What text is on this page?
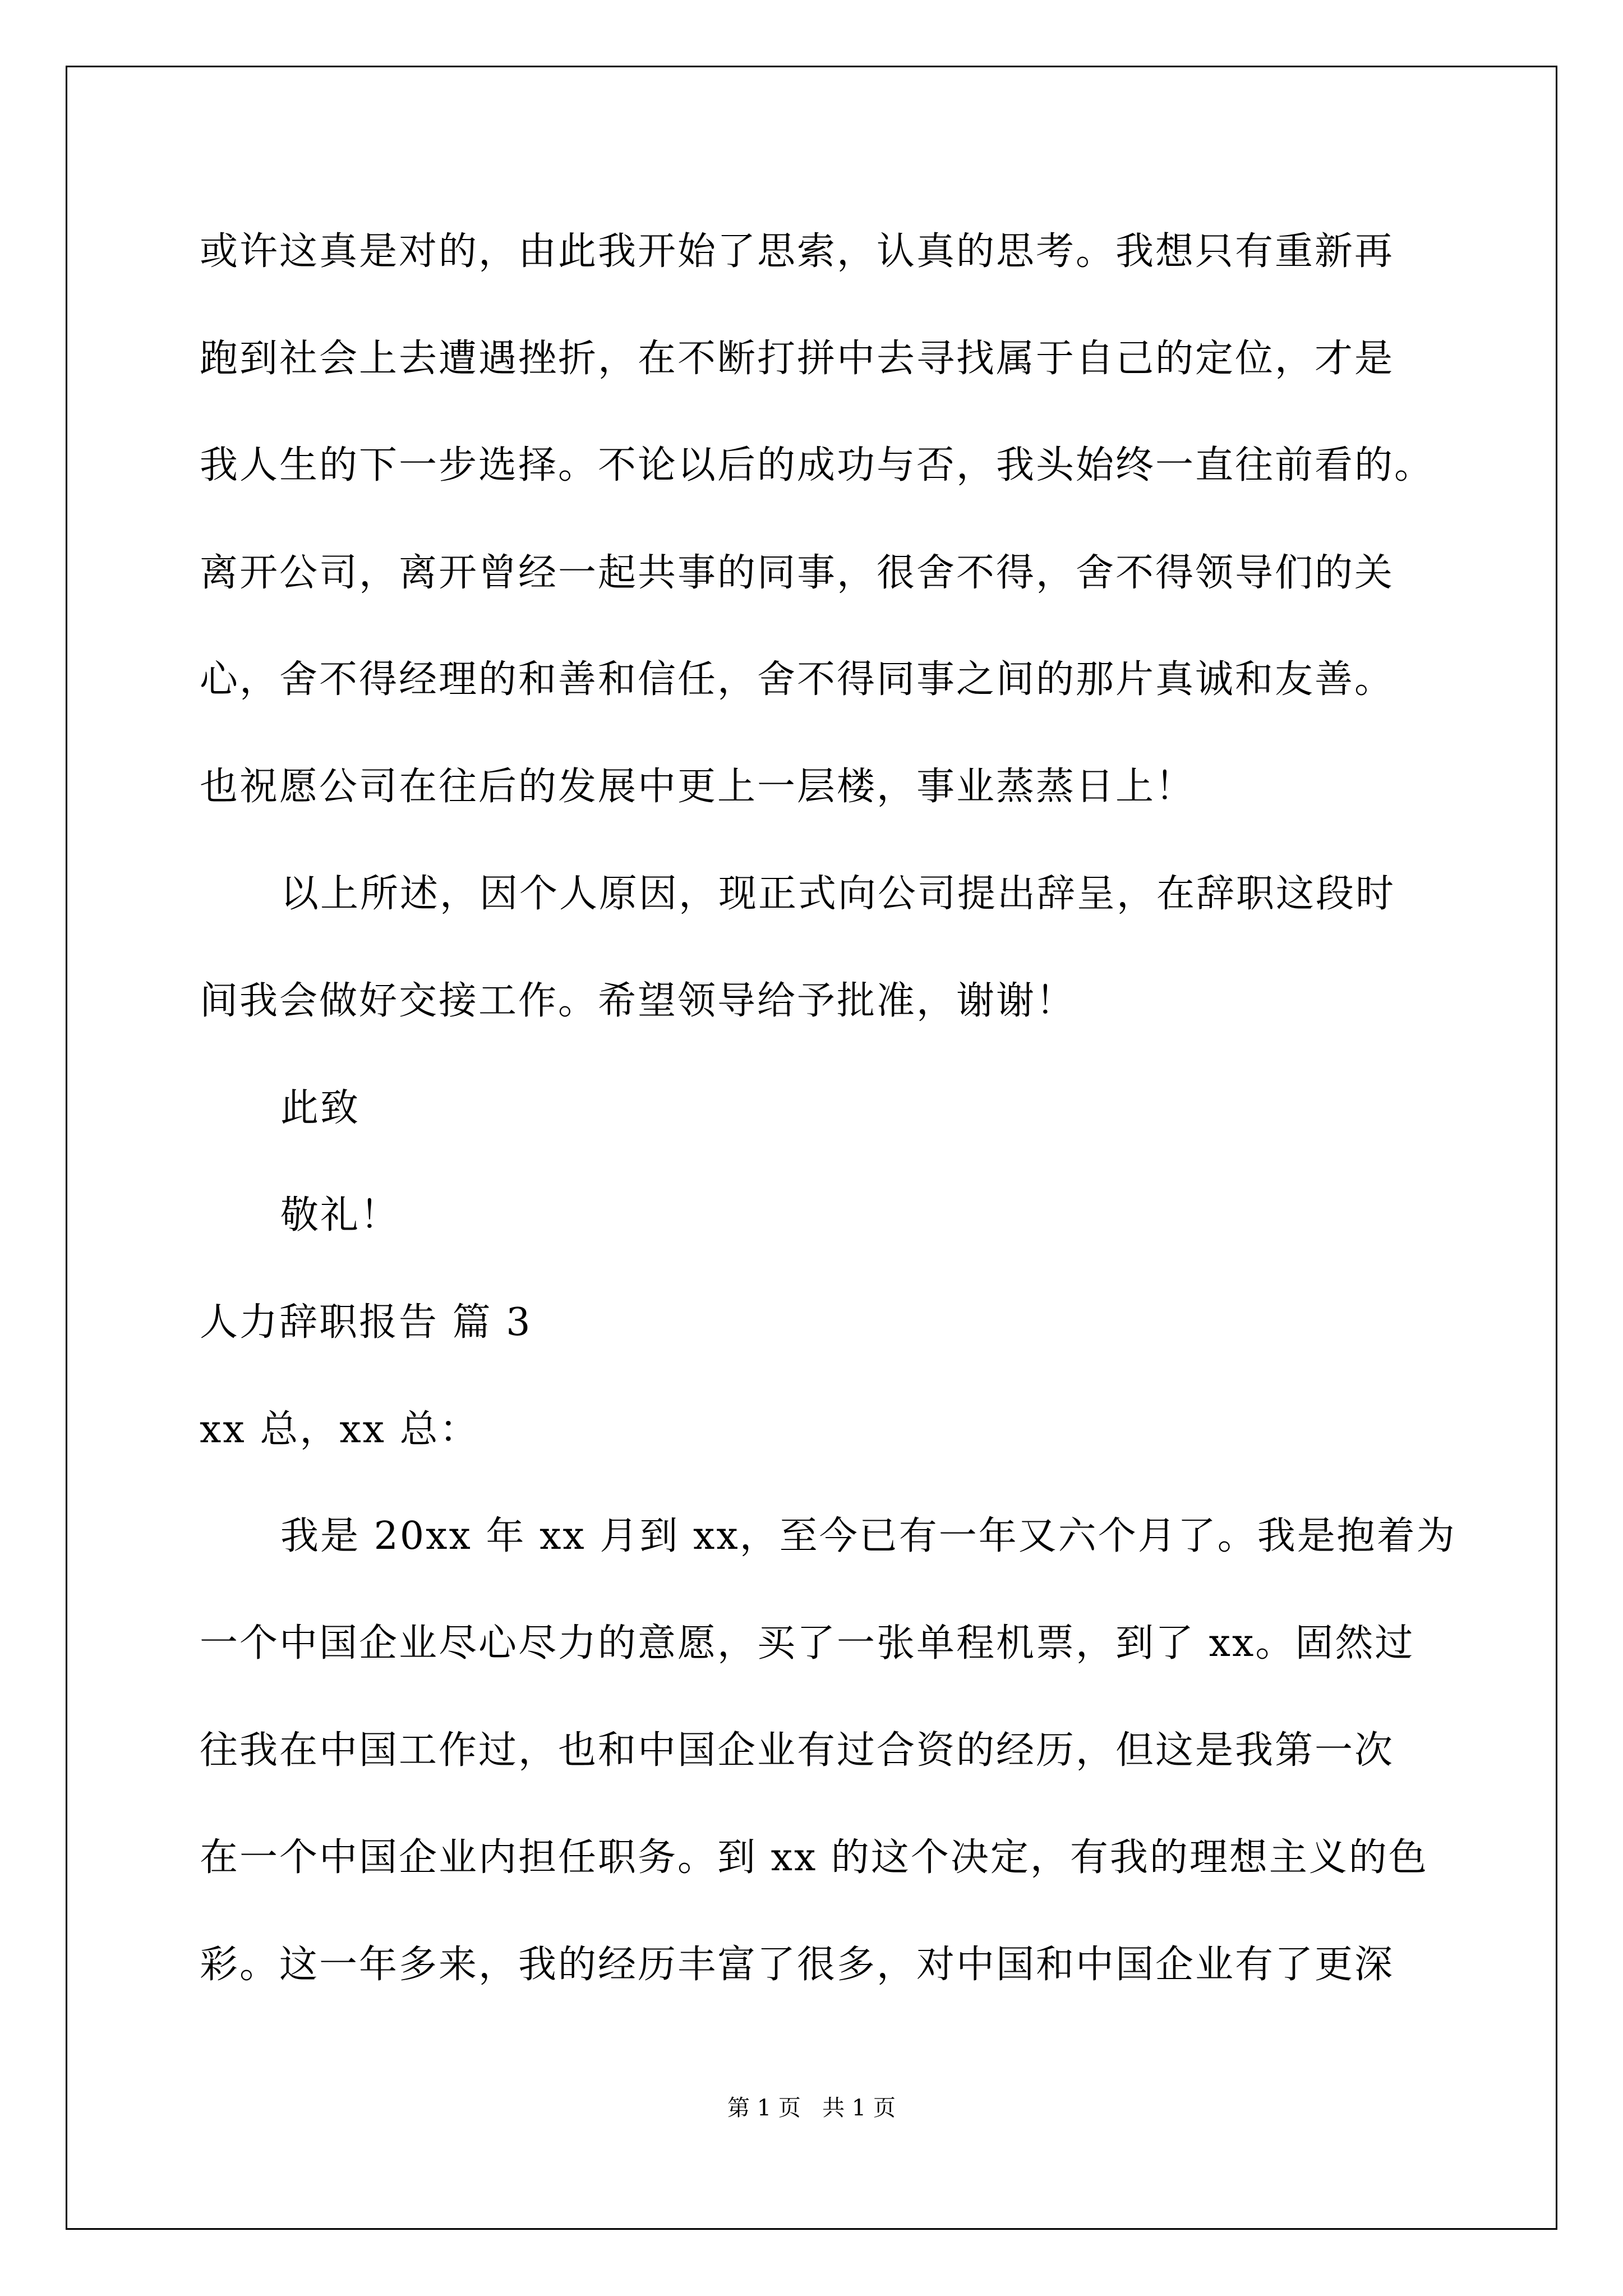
或许这真是对的，由此我开始了思索，认真的思考。我想只有重新再
跑到社会上去遭遇挫折，在不断打拼中去寻找属于自己的定位，才是
我人生的下一步选择。不论以后的成功与否，我头始终一直往前看的。
离开公司，离开曾经一起共事的同事，很舍不得，舍不得领导们的关
心，舍不得经理的和善和信任，舍不得同事之间的那片真诚和友善。
也祝愿公司在往后的发展中更上一层楼，事业蒸蒸日上！
以上所述，因个人原因，现正式向公司提出辞呈，在辞职这段时
间我会做好交接工作。希望领导给予批准，谢谢！
此致
敬礼！
人力辞职报告 篇 3
xx 总，xx 总：
我是 20xx 年 xx 月到 xx，至今已有一年又六个月了。我是抱着为
一个中国企业尽心尽力的意愿，买了一张单程机票，到了 xx。固然过
往我在中国工作过，也和中国企业有过合资的经历，但这是我第一次
在一个中国企业内担任职务。到 xx 的这个决定，有我的理想主义的色
彩。这一年多来，我的经历丰富了很多，对中国和中国企业有了更深
第 1 页   共 1 页
